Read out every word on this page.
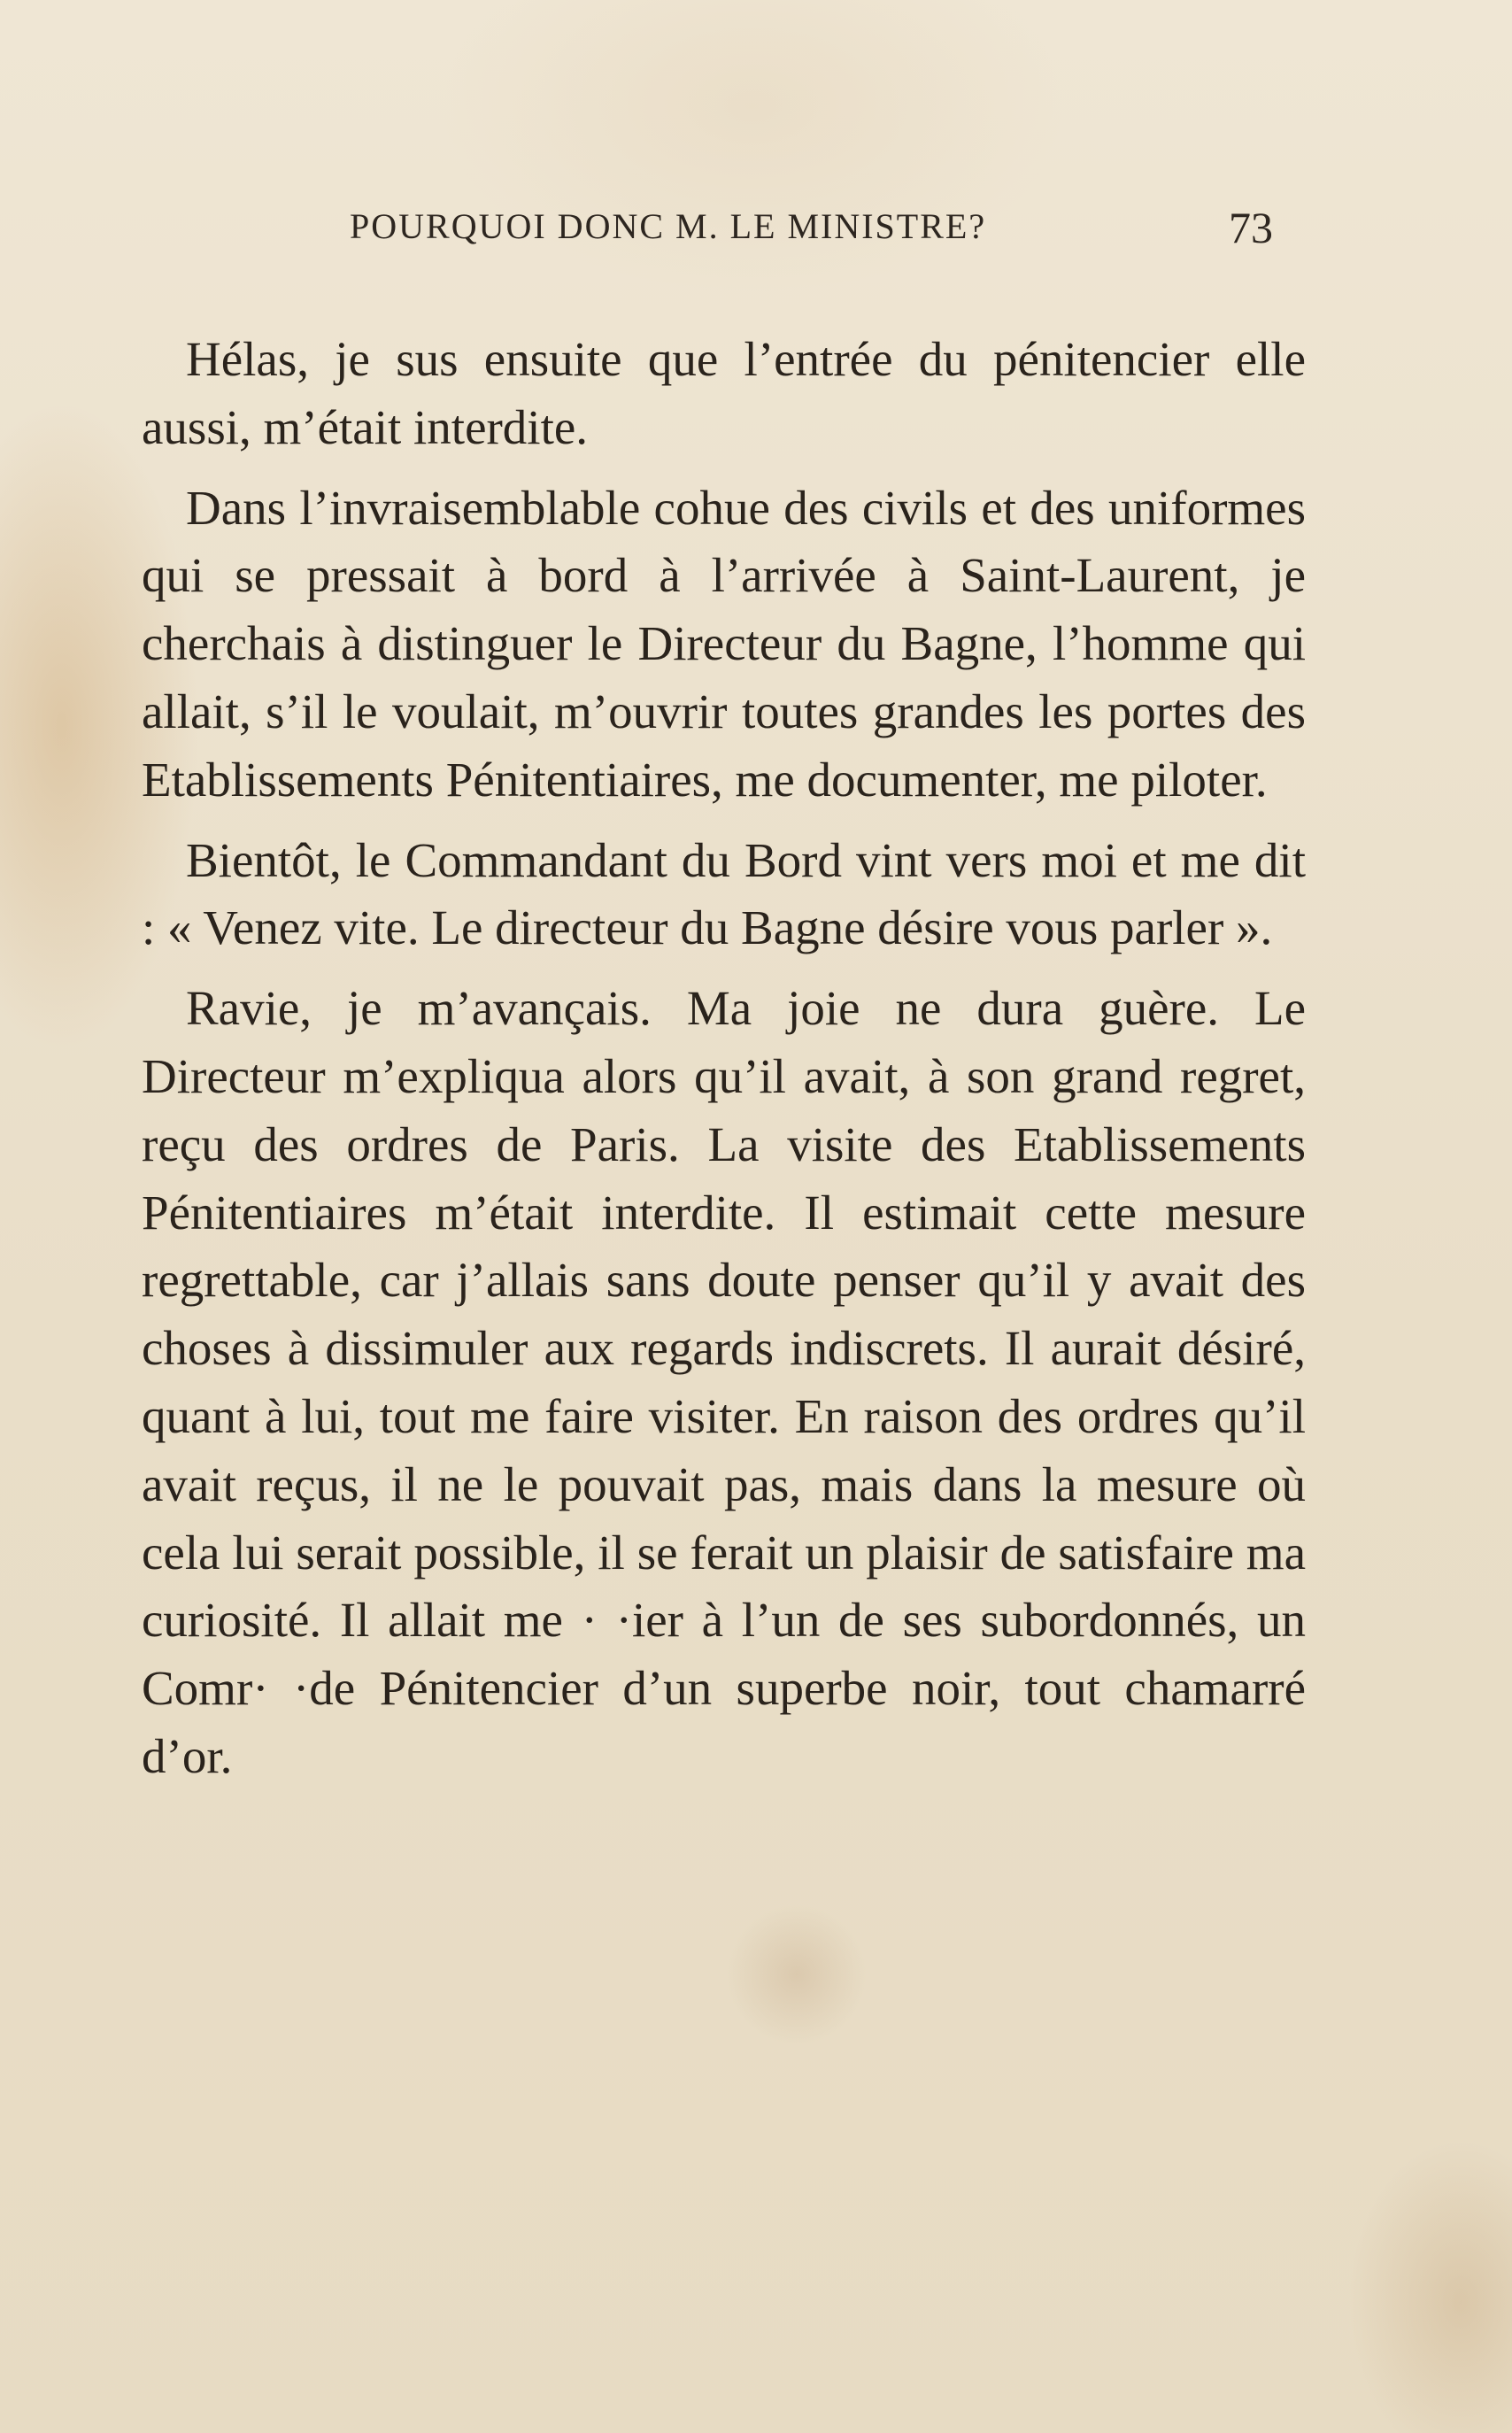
POURQUOI DONC M. LE MINISTRE?	73

Hélas, je sus ensuite que l’entrée du pénitencier elle aussi, m’était interdite.

Dans l’invraisemblable cohue des civils et des uniformes qui se pressait à bord à l’arrivée à Saint-Laurent, je cherchais à distinguer le Directeur du Bagne, l’homme qui allait, s’il le voulait, m’ouvrir toutes grandes les portes des Etablissements Pénitentiaires, me documenter, me piloter.

Bientôt, le Commandant du Bord vint vers moi et me dit : « Venez vite. Le directeur du Bagne désire vous parler ».

Ravie, je m’avançais. Ma joie ne dura guère. Le Directeur m’expliqua alors qu’il avait, à son grand regret, reçu des ordres de Paris. La visite des Etablissements Pénitentiaires m’était interdite. Il estimait cette mesure regrettable, car j’allais sans doute penser qu’il y avait des choses à dissimuler aux regards indiscrets. Il aurait désiré, quant à lui, tout me faire visiter. En raison des ordres qu’il avait reçus, il ne le pouvait pas, mais dans la mesure où cela lui serait possible, il se ferait un plaisir de satisfaire ma curiosité. Il allait me · ·ier à l’un de ses subordonnés, un Comr· ·de Pénitencier d’un superbe noir, tout chamarré d’or.
